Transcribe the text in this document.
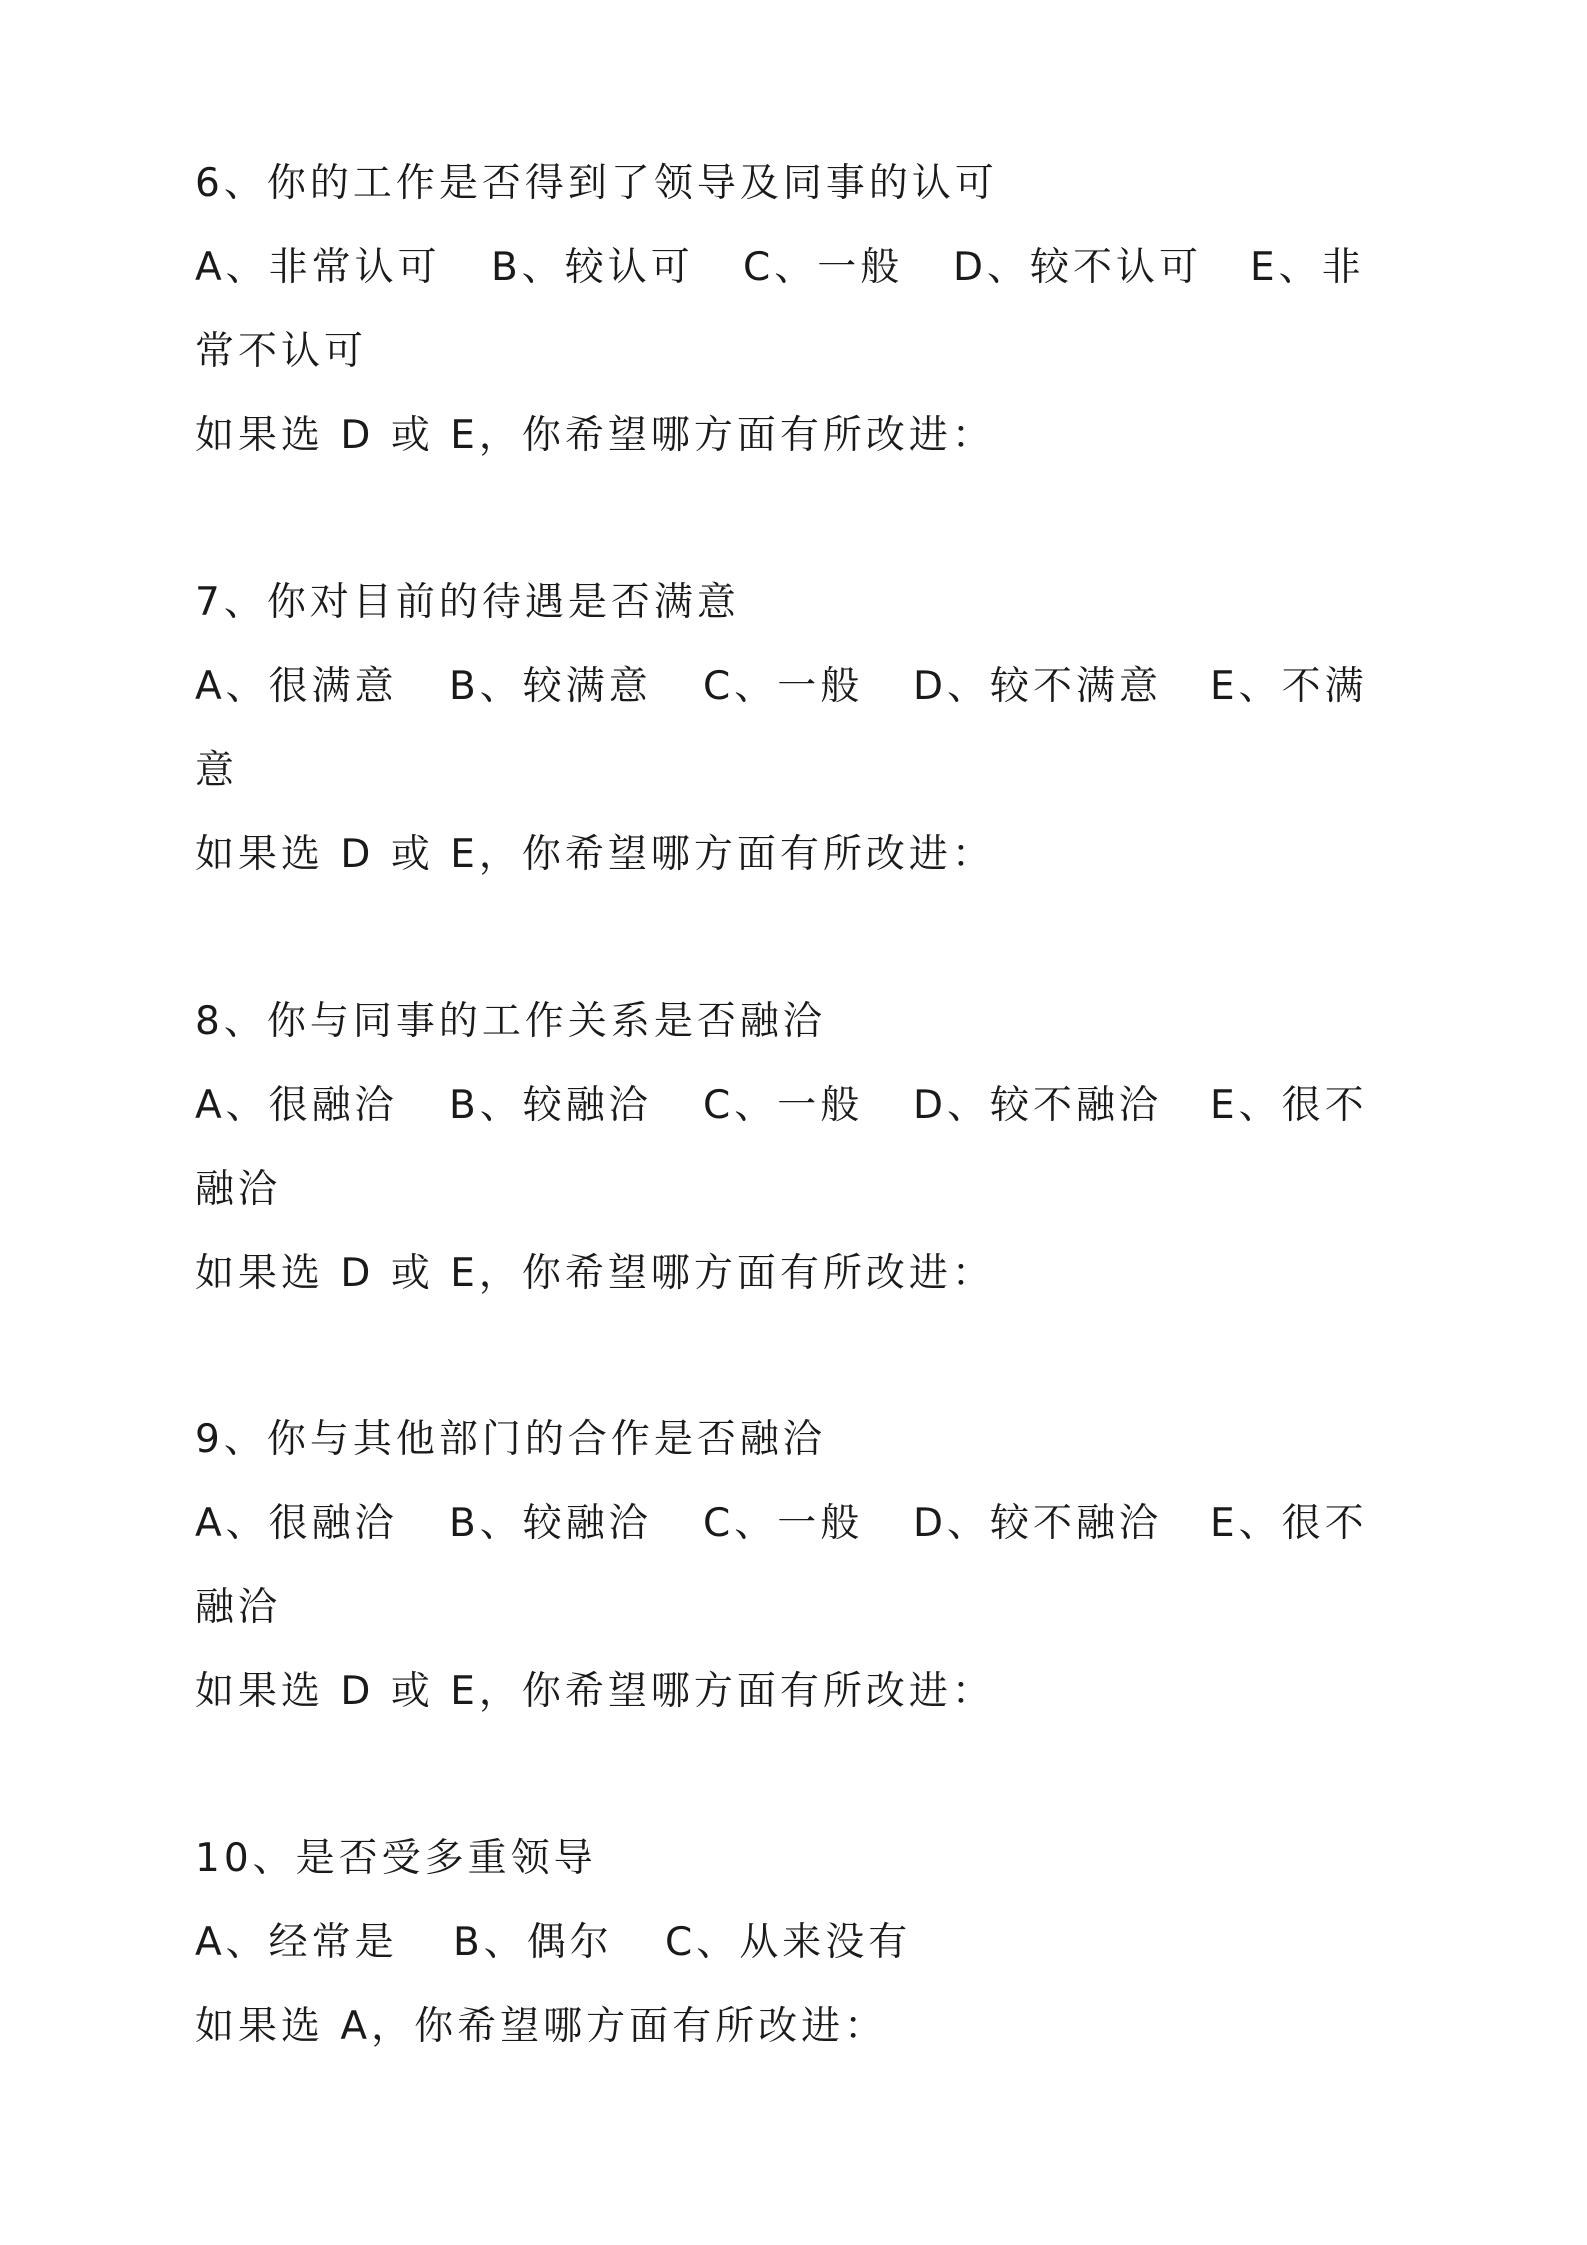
6、你的工作是否得到了领导及同事的认可
A、非常认可 B、较认可 C、一般 D、较不认可 E、非
常不认可
如果选 D 或 E，你希望哪方面有所改进：
7、你对目前的待遇是否满意
A、很满意 B、较满意 C、一般 D、较不满意 E、不满
意
如果选 D 或 E，你希望哪方面有所改进：
8、你与同事的工作关系是否融洽
A、很融洽 B、较融洽 C、一般 D、较不融洽 E、很不
融洽
如果选 D 或 E，你希望哪方面有所改进：
9、你与其他部门的合作是否融洽
A、很融洽 B、较融洽 C、一般 D、较不融洽 E、很不
融洽
如果选 D 或 E，你希望哪方面有所改进：
10、是否受多重领导
A、经常是 B、偶尔 C、从来没有
如果选 A，你希望哪方面有所改进：
